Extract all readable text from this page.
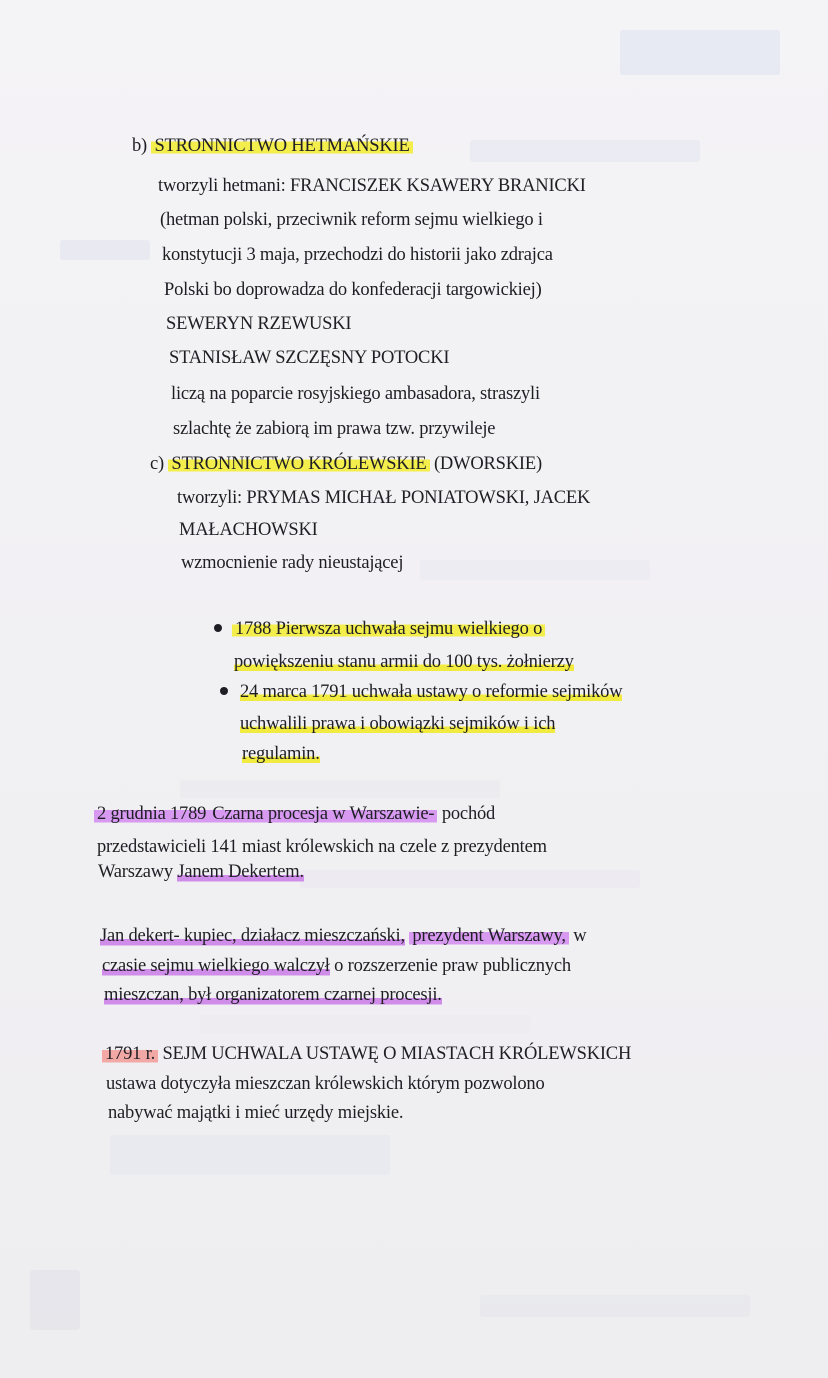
b) STRONNICTWO HETMAŃSKIE
tworzyli hetmani: FRANCISZEK KSAWERY BRANICKI
(hetman polski, przeciwnik reform sejmu wielkiego i
konstytucji 3 maja, przechodzi do historii jako zdrajca
Polski bo doprowadza do konfederacji targowickiej)
SEWERYN RZEWUSKI
STANISŁAW SZCZĘSNY POTOCKI
liczą na poparcie rosyjskiego ambasadora, straszyli
szlachtę że zabiorą im prawa tzw. przywileje
c) STRONNICTWO KRÓLEWSKIE (DWORSKIE)
tworzyli: PRYMAS MICHAŁ PONIATOWSKI, JACEK
MAŁACHOWSKI
wzmocnienie rady nieustającej
1788 Pierwsza uchwała sejmu wielkiego o
powiększeniu stanu armii do 100 tys. żołnierzy
24 marca 1791 uchwała ustawy o reformie sejmików
uchwalili prawa i obowiązki sejmików i ich
regulamin.
2 grudnia 1789 Czarna procesja w Warszawie- pochód
przedstawicieli 141 miast królewskich na czele z prezydentem
Warszawy Janem Dekertem.
Jan dekert- kupiec, działacz mieszczański, prezydent Warszawy, w
czasie sejmu wielkiego walczył o rozszerzenie praw publicznych
mieszczan, był organizatorem czarnej procesji.
1791 r. SEJM UCHWALA USTAWĘ O MIASTACH KRÓLEWSKICH
ustawa dotyczyła mieszczan królewskich którym pozwolono
nabywać majątki i mieć urzędy miejskie.
